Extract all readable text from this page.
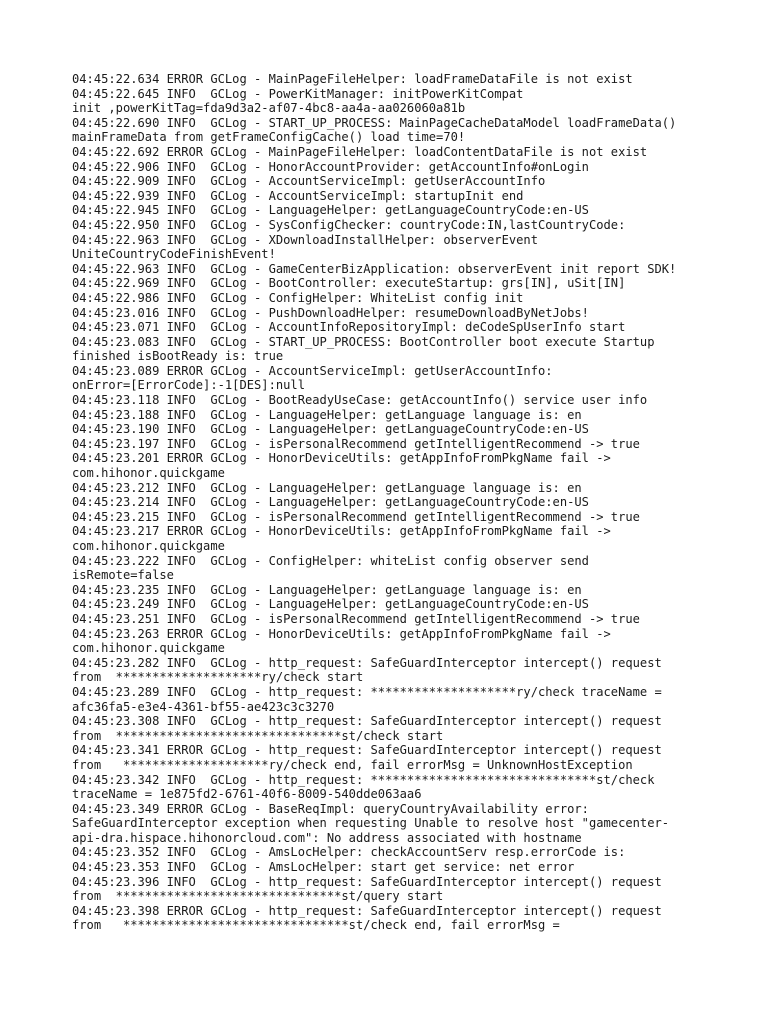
04:45:22.634 ERROR GCLog - MainPageFileHelper: loadFrameDataFile is not exist
04:45:22.645 INFO  GCLog - PowerKitManager: initPowerKitCompat
init ,powerKitTag=fda9d3a2-af07-4bc8-aa4a-aa026060a81b
04:45:22.690 INFO  GCLog - START_UP_PROCESS: MainPageCacheDataModel loadFrameData()
mainFrameData from getFrameConfigCache() load time=70!
04:45:22.692 ERROR GCLog - MainPageFileHelper: loadContentDataFile is not exist
04:45:22.906 INFO  GCLog - HonorAccountProvider: getAccountInfo#onLogin
04:45:22.909 INFO  GCLog - AccountServiceImpl: getUserAccountInfo
04:45:22.939 INFO  GCLog - AccountServiceImpl: startupInit end
04:45:22.945 INFO  GCLog - LanguageHelper: getLanguageCountryCode:en-US
04:45:22.950 INFO  GCLog - SysConfigChecker: countryCode:IN,lastCountryCode:
04:45:22.963 INFO  GCLog - XDownloadInstallHelper: observerEvent
UniteCountryCodeFinishEvent!
04:45:22.963 INFO  GCLog - GameCenterBizApplication: observerEvent init report SDK!
04:45:22.969 INFO  GCLog - BootController: executeStartup: grs[IN], uSit[IN]
04:45:22.986 INFO  GCLog - ConfigHelper: WhiteList config init
04:45:23.016 INFO  GCLog - PushDownloadHelper: resumeDownloadByNetJobs!
04:45:23.071 INFO  GCLog - AccountInfoRepositoryImpl: deCodeSpUserInfo start
04:45:23.083 INFO  GCLog - START_UP_PROCESS: BootController boot execute Startup
finished isBootReady is: true
04:45:23.089 ERROR GCLog - AccountServiceImpl: getUserAccountInfo:
onError=[ErrorCode]:-1[DES]:null
04:45:23.118 INFO  GCLog - BootReadyUseCase: getAccountInfo() service user info
04:45:23.188 INFO  GCLog - LanguageHelper: getLanguage language is: en
04:45:23.190 INFO  GCLog - LanguageHelper: getLanguageCountryCode:en-US
04:45:23.197 INFO  GCLog - isPersonalRecommend getIntelligentRecommend -> true
04:45:23.201 ERROR GCLog - HonorDeviceUtils: getAppInfoFromPkgName fail ->
com.hihonor.quickgame
04:45:23.212 INFO  GCLog - LanguageHelper: getLanguage language is: en
04:45:23.214 INFO  GCLog - LanguageHelper: getLanguageCountryCode:en-US
04:45:23.215 INFO  GCLog - isPersonalRecommend getIntelligentRecommend -> true
04:45:23.217 ERROR GCLog - HonorDeviceUtils: getAppInfoFromPkgName fail ->
com.hihonor.quickgame
04:45:23.222 INFO  GCLog - ConfigHelper: whiteList config observer send
isRemote=false
04:45:23.235 INFO  GCLog - LanguageHelper: getLanguage language is: en
04:45:23.249 INFO  GCLog - LanguageHelper: getLanguageCountryCode:en-US
04:45:23.251 INFO  GCLog - isPersonalRecommend getIntelligentRecommend -> true
04:45:23.263 ERROR GCLog - HonorDeviceUtils: getAppInfoFromPkgName fail ->
com.hihonor.quickgame
04:45:23.282 INFO  GCLog - http_request: SafeGuardInterceptor intercept() request
from  ********************ry/check start
04:45:23.289 INFO  GCLog - http_request: ********************ry/check traceName =
afc36fa5-e3e4-4361-bf55-ae423c3c3270
04:45:23.308 INFO  GCLog - http_request: SafeGuardInterceptor intercept() request
from  *******************************st/check start
04:45:23.341 ERROR GCLog - http_request: SafeGuardInterceptor intercept() request
from   ********************ry/check end, fail errorMsg = UnknownHostException
04:45:23.342 INFO  GCLog - http_request: *******************************st/check
traceName = 1e875fd2-6761-40f6-8009-540dde063aa6
04:45:23.349 ERROR GCLog - BaseReqImpl: queryCountryAvailability error:
SafeGuardInterceptor exception when requesting Unable to resolve host "gamecenter-
api-dra.hispace.hihonorcloud.com": No address associated with hostname
04:45:23.352 INFO  GCLog - AmsLocHelper: checkAccountServ resp.errorCode is:
04:45:23.353 INFO  GCLog - AmsLocHelper: start get service: net error
04:45:23.396 INFO  GCLog - http_request: SafeGuardInterceptor intercept() request
from  *******************************st/query start
04:45:23.398 ERROR GCLog - http_request: SafeGuardInterceptor intercept() request
from   *******************************st/check end, fail errorMsg =
